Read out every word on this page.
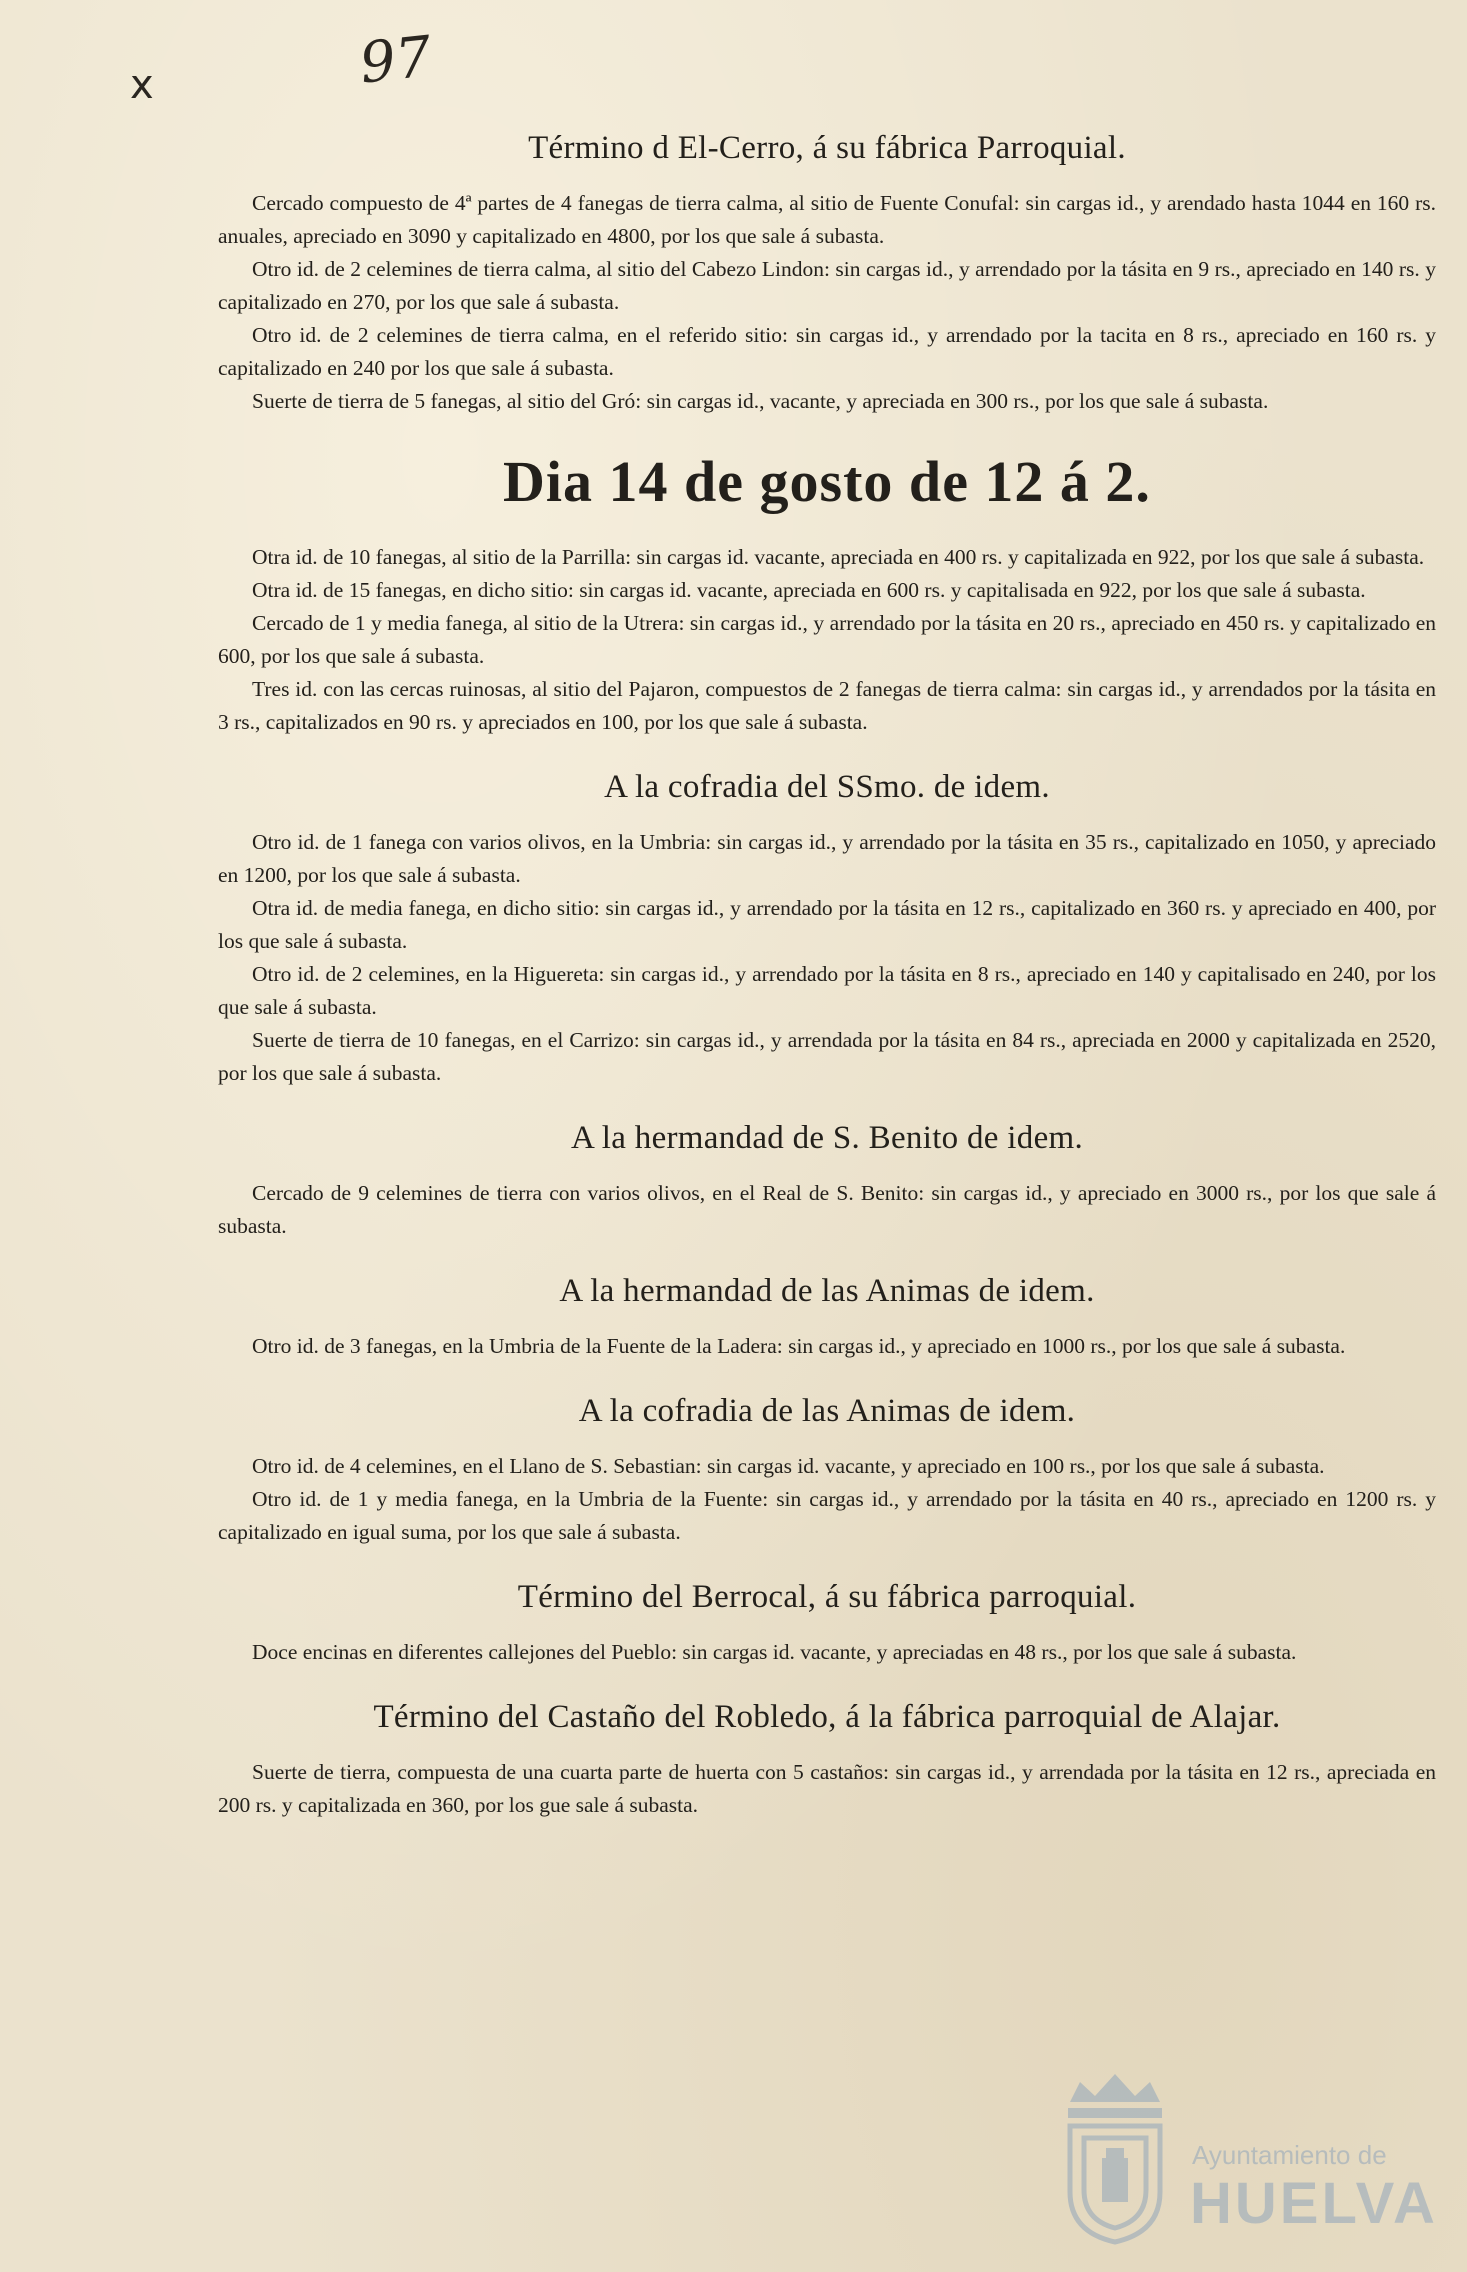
97
x
Término d El-Cerro, á su fábrica Parroquial.

Cercado compuesto de 4ª partes de 4 fanegas de tierra calma, al sitio de Fuente Conufal: sin cargas id., y arendado hasta 1044 en 160 rs. anuales, apreciado en 3090 y capitalizado en 4800, por los que sale á subasta.

Otro id. de 2 celemines de tierra calma, al sitio del Cabezo Lindon: sin cargas id., y arrendado por la tásita en 9 rs., apreciado en 140 rs. y capitalizado en 270, por los que sale á subasta.

Otro id. de 2 celemines de tierra calma, en el referido sitio: sin cargas id., y arrendado por la tacita en 8 rs., apreciado en 160 rs. y capitalizado en 240 por los que sale á subasta.

Suerte de tierra de 5 fanegas, al sitio del Gró: sin cargas id., vacante, y apreciada en 300 rs., por los que sale á subasta.

Dia 14 de gosto de 12 á 2.

Otra id. de 10 fanegas, al sitio de la Parrilla: sin cargas id. vacante, apreciada en 400 rs. y capitalizada en 922, por los que sale á subasta.

Otra id. de 15 fanegas, en dicho sitio: sin cargas id. vacante, apreciada en 600 rs. y capitalisada en 922, por los que sale á subasta.

Cercado de 1 y media fanega, al sitio de la Utrera: sin cargas id., y arrendado por la tásita en 20 rs., apreciado en 450 rs. y capitalizado en 600, por los que sale á subasta.

Tres id. con las cercas ruinosas, al sitio del Pajaron, compuestos de 2 fanegas de tierra calma: sin cargas id., y arrendados por la tásita en 3 rs., capitalizados en 90 rs. y apreciados en 100, por los que sale á subasta.

A la cofradia del SSmo. de idem.

Otro id. de 1 fanega con varios olivos, en la Umbria: sin cargas id., y arrendado por la tásita en 35 rs., capitalizado en 1050, y apreciado en 1200, por los que sale á subasta.

Otra id. de media fanega, en dicho sitio: sin cargas id., y arrendado por la tásita en 12 rs., capitalizado en 360 rs. y apreciado en 400, por los que sale á subasta.

Otro id. de 2 celemines, en la Higuereta: sin cargas id., y arrendado por la tásita en 8 rs., apreciado en 140 y capitalisado en 240, por los que sale á subasta.

Suerte de tierra de 10 fanegas, en el Carrizo: sin cargas id., y arrendada por la tásita en 84 rs., apreciada en 2000 y capitalizada en 2520, por los que sale á subasta.

A la hermandad de S. Benito de idem.

Cercado de 9 celemines de tierra con varios olivos, en el Real de S. Benito: sin cargas id., y apreciado en 3000 rs., por los que sale á subasta.

A la hermandad de las Animas de idem.

Otro id. de 3 fanegas, en la Umbria de la Fuente de la Ladera: sin cargas id., y apreciado en 1000 rs., por los que sale á subasta.

A la cofradia de las Animas de idem.

Otro id. de 4 celemines, en el Llano de S. Sebastian: sin cargas id. vacante, y apreciado en 100 rs., por los que sale á subasta.

Otro id. de 1 y media fanega, en la Umbria de la Fuente: sin cargas id., y arrendado por la tásita en 40 rs., apreciado en 1200 rs. y capitalizado en igual suma, por los que sale á subasta.

Término del Berrocal, á su fábrica parroquial.

Doce encinas en diferentes callejones del Pueblo: sin cargas id. vacante, y apreciadas en 48 rs., por los que sale á subasta.

Término del Castaño del Robledo, á la fábrica parroquial de Alajar.

Suerte de tierra, compuesta de una cuarta parte de huerta con 5 castaños: sin cargas id., y arrendada por la tásita en 12 rs., apreciada en 200 rs. y capitalizada en 360, por los gue sale á subasta.

Ayuntamiento de
HUELVA
